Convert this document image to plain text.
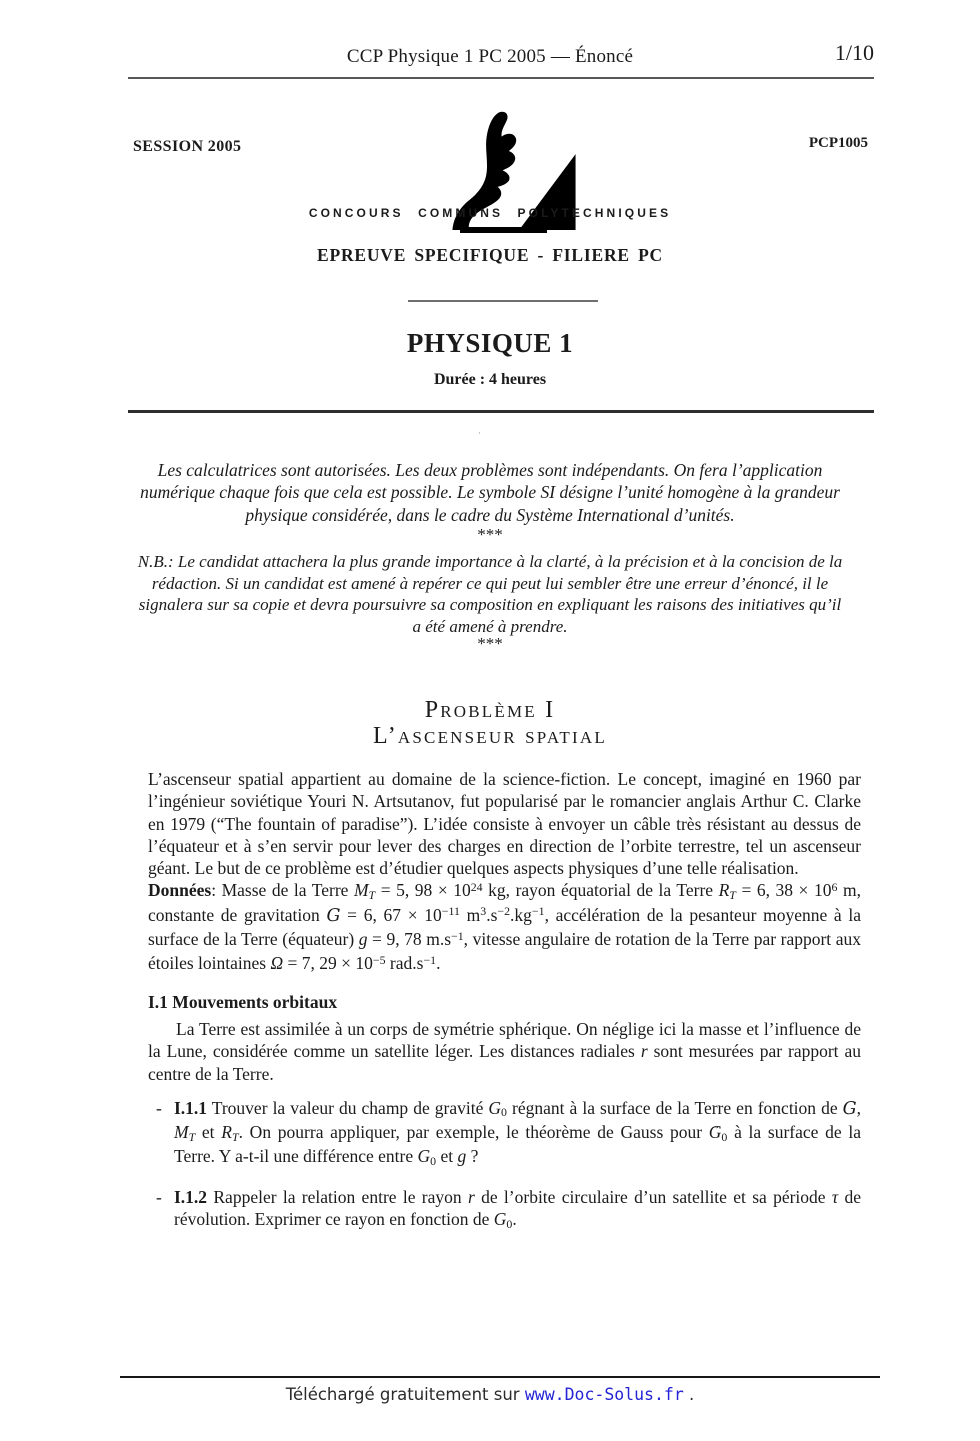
CCP Physique 1 PC 2005 — Énoncé	1/10
SESSION 2005	PCP1005
CONCOURS COMMUNS POLYTECHNIQUES
EPREUVE SPECIFIQUE - FILIERE PC
PHYSIQUE 1
Durée : 4 heures
·
Les calculatrices sont autorisées. Les deux problèmes sont indépendants. On fera l’application numérique chaque fois que cela est possible. Le symbole SI désigne l’unité homogène à la grandeur physique considérée, dans le cadre du Système International d’unités.
***
N.B.: Le candidat attachera la plus grande importance à la clarté, à la précision et à la concision de la rédaction. Si un candidat est amené à repérer ce qui peut lui sembler être une erreur d’énoncé, il le signalera sur sa copie et devra poursuivre sa composition en expliquant les raisons des initiatives qu’il a été amené à prendre.
***
Problème I
L’ascenseur spatial

L’ascenseur spatial appartient au domaine de la science-fiction. Le concept, imaginé en 1960 par l’ingénieur soviétique Youri N. Artsutanov, fut popularisé par le romancier anglais Arthur C. Clarke en 1979 (“The fountain of paradise”). L’idée consiste à envoyer un câble très résistant au dessus de l’équateur et à s’en servir pour lever des charges en direction de l’orbite terrestre, tel un ascenseur géant. Le but de ce problème est d’étudier quelques aspects physiques d’une telle réalisation.

Données: Masse de la Terre MT = 5, $98 \times 10^{24}$ kg, rayon équatorial de la Terre RT = 6, $38 \times 10^6$ m, constante de gravitation G = 6, $67 \times 10^{-11}$ $m^3.s^{-2}.kg^{-1}$, accélération de la pesanteur moyenne à la surface de la Terre (équateur) g = 9, 78 $m.s^{-1}$, vitesse angulaire de rotation de la Terre par rapport aux étoiles lointaines Ω = 7, $29 \times 10^{-5}$ $rad.s^{-1}$.

I.1 Mouvements orbitaux

La Terre est assimilée à un corps de symétrie sphérique. On néglige ici la masse et l’influence de la Lune, considérée comme un satellite léger. Les distances radiales r sont mesurées par rapport au centre de la Terre.

- I.1.1 Trouver la valeur du champ de gravité G0 régnant à la surface de la Terre en fonction de G, MT et RT. On pourra appliquer, par exemple, le théorème de Gauss pour → G0 à la surface de la Terre. Y a-t-il une différence entre G0 et g ?
- I.1.2 Rappeler la relation entre le rayon r de l’orbite circulaire d’un satellite et sa période τ de révolution. Exprimer ce rayon en fonction de G0.
Téléchargé gratuitement sur www.Doc-Solus.fr .
